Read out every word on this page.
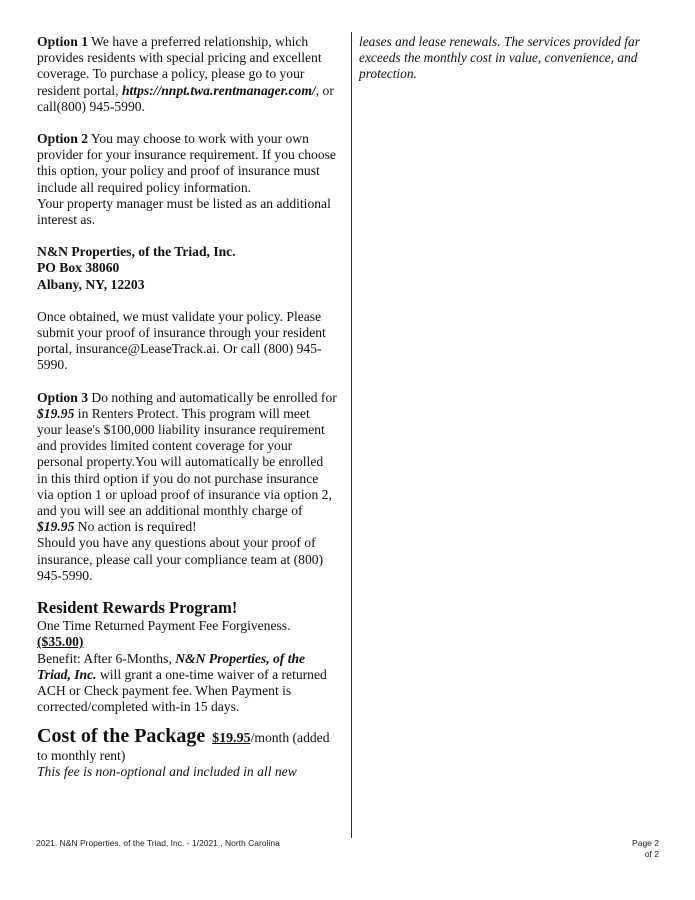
Option 1 We have a preferred relationship, which provides residents with special pricing and excellent coverage. To purchase a policy, please go to your resident portal, https://nnpt.twa.rentmanager.com/, or call(800) 945-5990.

Option 2 You may choose to work with your own provider for your insurance requirement. If you choose this option, your policy and proof of insurance must include all required policy information.

Your property manager must be listed as an additional interest as.

N&N Properties, of the Triad, Inc.

PO Box 38060

Albany, NY, 12203

Once obtained, we must validate your policy. Please submit your proof of insurance through your resident portal, insurance@LeaseTrack.ai. Or call (800) 945-5990.

Option 3 Do nothing and automatically be enrolled for $19.95 in Renters Protect. This program will meet your lease's $100,000 liability insurance requirement and provides limited content coverage for your personal property.You will automatically be enrolled in this third option if you do not purchase insurance via option 1 or upload proof of insurance via option 2, and you will see an additional monthly charge of $19.95 No action is required!

Should you have any questions about your proof of insurance, please call your compliance team at (800) 945-5990.

Resident Rewards Program!

One Time Returned Payment Fee Forgiveness.

($35.00)

Benefit: After 6-Months, N&N Properties, of the Triad, Inc. will grant a one-time waiver of a returned ACH or Check payment fee. When Payment is corrected/completed with-in 15 days.

Cost of the Package $19.95/month (added to monthly rent)

This fee is non-optional and included in all new

leases and lease renewals. The services provided far exceeds the monthly cost in value, convenience, and protection.

2021. N&N Properties, of the Triad, Inc. - 1/2021 , North Carolina	Page 2
of 2
